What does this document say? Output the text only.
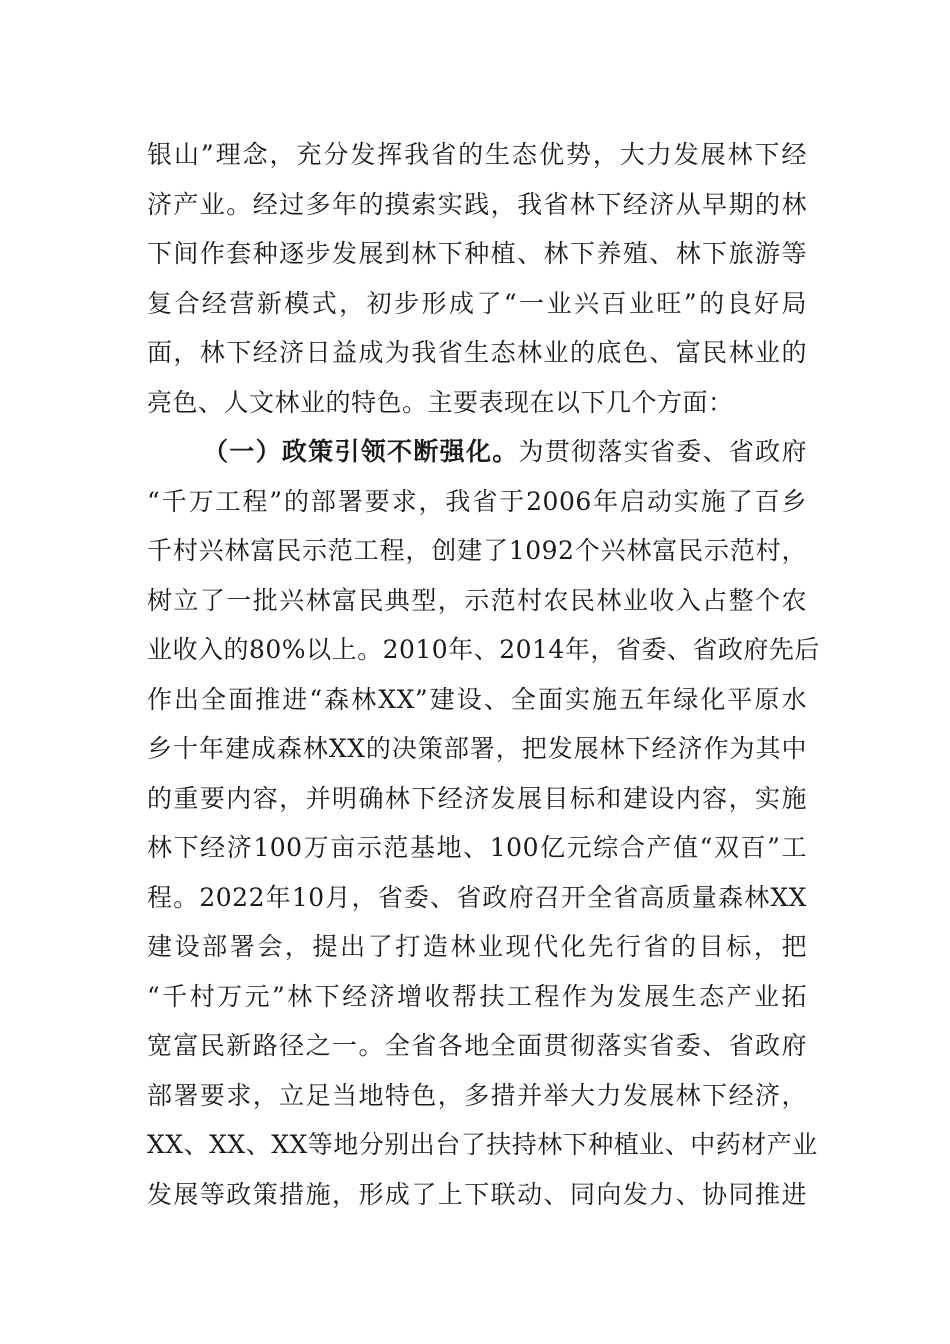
银山”理念，充分发挥我省的生态优势，大力发展林下经
济产业。经过多年的摸索实践，我省林下经济从早期的林
下间作套种逐步发展到林下种植、林下养殖、林下旅游等
复合经营新模式，初步形成了“一业兴百业旺”的良好局
面，林下经济日益成为我省生态林业的底色、富民林业的
亮色、人文林业的特色。主要表现在以下几个方面：
（一）政策引领不断强化。为贯彻落实省委、省政府
“千万工程”的部署要求，我省于2006年启动实施了百乡
千村兴林富民示范工程，创建了1092个兴林富民示范村，
树立了一批兴林富民典型，示范村农民林业收入占整个农
业收入的80%以上。2010年、2014年，省委、省政府先后
作出全面推进“森林XX”建设、全面实施五年绿化平原水
乡十年建成森林XX的决策部署，把发展林下经济作为其中
的重要内容，并明确林下经济发展目标和建设内容，实施
林下经济100万亩示范基地、100亿元综合产值“双百”工
程。2022年10月，省委、省政府召开全省高质量森林XX
建设部署会，提出了打造林业现代化先行省的目标，把
“千村万元”林下经济增收帮扶工程作为发展生态产业拓
宽富民新路径之一。全省各地全面贯彻落实省委、省政府
部署要求，立足当地特色，多措并举大力发展林下经济，
XX、XX、XX等地分别出台了扶持林下种植业、中药材产业
发展等政策措施，形成了上下联动、同向发力、协同推进
